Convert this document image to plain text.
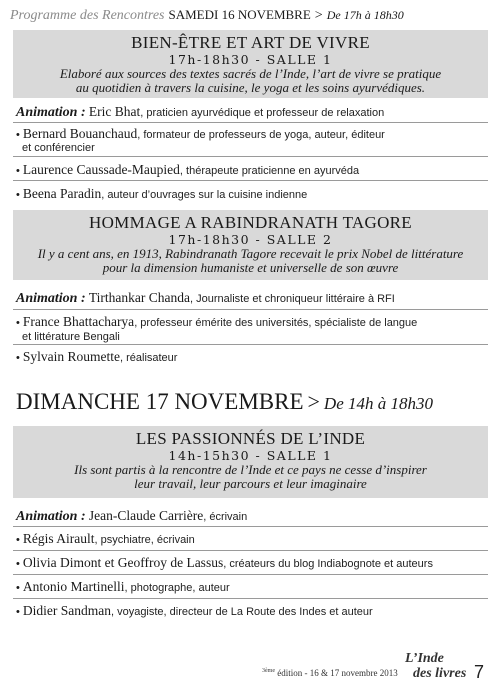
Programme des Rencontres SAMEDI 16 NOVEMBRE > De 17h à 18h30
BIEN-ÊTRE ET ART DE VIVRE
17h-18h30 - SALLE 1
Elaboré aux sources des textes sacrés de l’Inde, l’art de vivre se pratique
au quotidien à travers la cuisine, le yoga et les soins ayurvédiques.
Animation : Eric Bhat, praticien ayurvédique et professeur de relaxation
• Bernard Bouanchaud, formateur de professeurs de yoga, auteur, éditeur
et conférencier
• Laurence Caussade-Maupied, thérapeute praticienne en ayurvéda
• Beena Paradin, auteur d’ouvrages sur la cuisine indienne
HOMMAGE A RABINDRANATH TAGORE
17h-18h30 - SALLE 2
Il y a cent ans, en 1913, Rabindranath Tagore recevait le prix Nobel de littérature
pour la dimension humaniste et universelle de son œuvre
Animation : Tirthankar Chanda, Journaliste et chroniqueur littéraire à RFI
• France Bhattacharya, professeur émérite des universités, spécialiste de langue
et littérature Bengali
• Sylvain Roumette, réalisateur
DIMANCHE 17 NOVEMBRE > De 14h à 18h30
LES PASSIONNÉS DE L’INDE
14h-15h30 - SALLE 1
Ils sont partis à la rencontre de l’Inde et ce pays ne cesse d’inspirer
leur travail, leur parcours et leur imaginaire
Animation : Jean-Claude Carrière, écrivain
• Régis Airault, psychiatre, écrivain
• Olivia Dimont et Geoffroy de Lassus, créateurs du blog Indiabognote et auteurs
• Antonio Martinelli, photographe, auteur
• Didier Sandman, voyagiste, directeur de La Route des Indes et auteur
$^{3ème}$ édition - 16 & 17 novembre 2013
L’Inde
des livres 7
